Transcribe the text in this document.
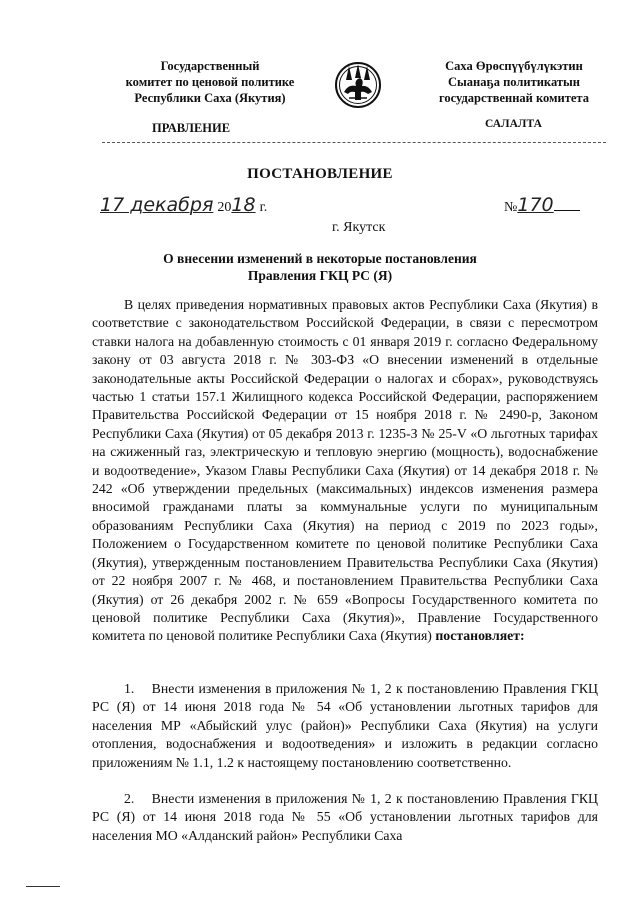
Государственный
комитет по ценовой политике
Республики Саха (Якутия)
Саха Өрөспүүбүлүкэтин
Сыанаҕа политикатын
государственнай комитета
ПРАВЛЕНИЕ	САЛАЛТА
ПОСТАНОВЛЕНИЕ
17 декабря 2018 г.	№170
г. Якутск
О внесении изменений в некоторые постановления
Правления ГКЦ РС (Я)
В целях приведения нормативных правовых актов Республики Саха (Якутия) в соответствие с законодательством Российской Федерации, в связи с пересмотром ставки налога на добавленную стоимость с 01 января 2019 г. согласно Федеральному закону от 03 августа 2018 г. № 303-ФЗ «О внесении изменений в отдельные законодательные акты Российской Федерации о налогах и сборах», руководствуясь частью 1 статьи 157.1 Жилищного кодекса Российской Федерации, распоряжением Правительства Российской Федерации от 15 ноября 2018 г. № 2490-р, Законом Республики Саха (Якутия) от 05 декабря 2013 г. 1235-З № 25-V «О льготных тарифах на сжиженный газ, электрическую и тепловую энергию (мощность), водоснабжение и водоотведение», Указом Главы Республики Саха (Якутия) от 14 декабря 2018 г. № 242 «Об утверждении предельных (максимальных) индексов изменения размера вносимой гражданами платы за коммунальные услуги по муниципальным образованиям Республики Саха (Якутия) на период с 2019 по 2023 годы», Положением о Государственном комитете по ценовой политике Республики Саха (Якутия), утвержденным постановлением Правительства Республики Саха (Якутия) от 22 ноября 2007 г. № 468, и постановлением Правительства Республики Саха (Якутия) от 26 декабря 2002 г. № 659 «Вопросы Государственного комитета по ценовой политике Республики Саха (Якутия)», Правление Государственного комитета по ценовой политике Республики Саха (Якутия) постановляет:
1. Внести изменения в приложения № 1, 2 к постановлению Правления ГКЦ РС (Я) от 14 июня 2018 года № 54 «Об установлении льготных тарифов для населения МР «Абыйский улус (район)» Республики Саха (Якутия) на услуги отопления, водоснабжения и водоотведения» и изложить в редакции согласно приложениям № 1.1, 1.2 к настоящему постановлению соответственно.
2. Внести изменения в приложения № 1, 2 к постановлению Правления ГКЦ РС (Я) от 14 июня 2018 года № 55 «Об установлении льготных тарифов для населения МО «Алданский район» Республики Саха
